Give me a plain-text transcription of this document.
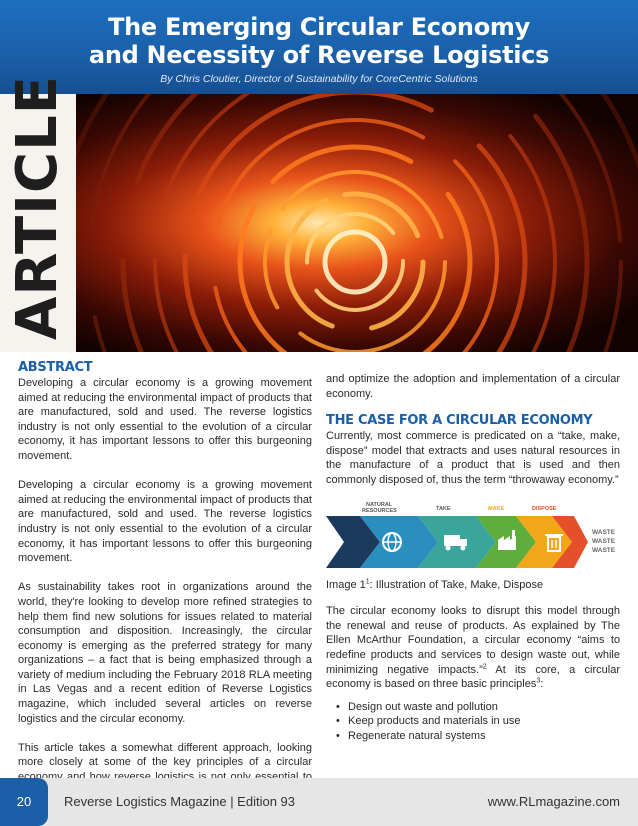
The Emerging Circular Economy
and Necessity of Reverse Logistics
By Chris Cloutier, Director of Sustainability for CoreCentric Solutions
ARTICLE
ABSTRACT

Developing a circular economy is a growing movement aimed at reducing the environmental impact of products that are manufactured, sold and used. The reverse logistics industry is not only essential to the evolution of a circular economy, it has important lessons to offer this burgeoning movement.

Developing a circular economy is a growing movement aimed at reducing the environmental impact of products that are manufactured, sold and used. The reverse logistics industry is not only essential to the evolution of a circular economy, it has important lessons to offer this burgeoning movement.

As sustainability takes root in organizations around the world, they're looking to develop more refined strategies to help them find new solutions for issues related to material consumption and disposition. Increasingly, the circular economy is emerging as the preferred strategy for many organizations – a fact that is being emphasized through a variety of medium including the February 2018 RLA meeting in Las Vegas and a recent edition of Reverse Logistics magazine, which included several articles on reverse logistics and the circular economy.

This article takes a somewhat different approach, looking more closely at some of the key principles of a circular

and optimize the adoption and implementation of a circular economy.

THE CASE FOR A CIRCULAR ECONOMY

Currently, most commerce is predicated on a “take, make, dispose” model that extracts and uses natural resources in the manufacture of a product that is used and then commonly disposed of, thus the term “throwaway economy.”

NATURAL
RESOURCES	TAKE	MAKE	DISPOSE
WASTE
WASTE
WASTE

Image $1^1$: Illustration of Take, Make, Dispose

The circular economy looks to disrupt this model through the renewal and reuse of products. As explained by The Ellen McArthur Foundation, a circular economy “aims to redefine products and services to design waste out, while minimizing negative impacts.”$^2$ At its core, a circular economy is based on three basic principles$^3$:

• Design out waste and pollution
• Keep products and materials in use
• Regenerate natural systems
20	Reverse Logistics Magazine | Edition 93	www.RLmagazine.com
